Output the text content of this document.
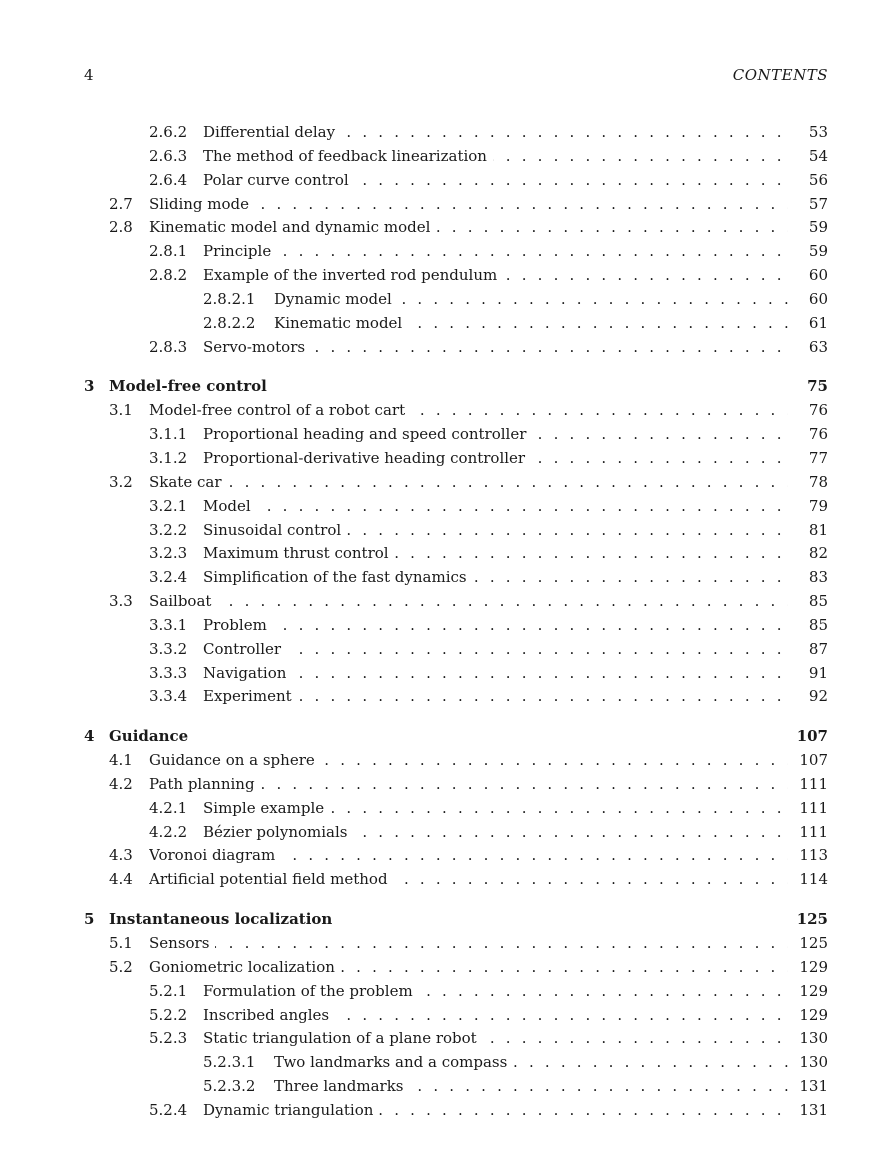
4	CONTENTS
2.6.2 Differential delay . . .	53
2.6.3 The method of feedback linearization . . .	54
2.6.4 Polar curve control . . .	56
2.7 Sliding mode . . .	57
2.8 Kinematic model and dynamic model . . .	59
2.8.1 Principle . . .	59
2.8.2 Example of the inverted rod pendulum . . .	60
2.8.2.1 Dynamic model . . .	60
2.8.2.2 Kinematic model . . .	61
2.8.3 Servo-motors . . .	63
3 Model-free control	75
3.1 Model-free control of a robot cart . . .	76
3.1.1 Proportional heading and speed controller . . .	76
3.1.2 Proportional-derivative heading controller . . .	77
3.2 Skate car . . .	78
3.2.1 Model . . .	79
3.2.2 Sinusoidal control . . .	81
3.2.3 Maximum thrust control . . .	82
3.2.4 Simplification of the fast dynamics . . .	83
3.3 Sailboat . . .	85
3.3.1 Problem . . .	85
3.3.2 Controller . . .	87
3.3.3 Navigation . . .	91
3.3.4 Experiment . . .	92
4 Guidance	107
4.1 Guidance on a sphere . . .	107
4.2 Path planning . . .	111
4.2.1 Simple example . . .	111
4.2.2 Bézier polynomials . . .	111
4.3 Voronoi diagram . . .	113
4.4 Artificial potential field method . . .	114
5 Instantaneous localization	125
5.1 Sensors . . .	125
5.2 Goniometric localization . . .	129
5.2.1 Formulation of the problem . . .	129
5.2.2 Inscribed angles . . .	129
5.2.3 Static triangulation of a plane robot . . .	130
5.2.3.1 Two landmarks and a compass . . .	130
5.2.3.2 Three landmarks . . .	131
5.2.4 Dynamic triangulation . . .	131
